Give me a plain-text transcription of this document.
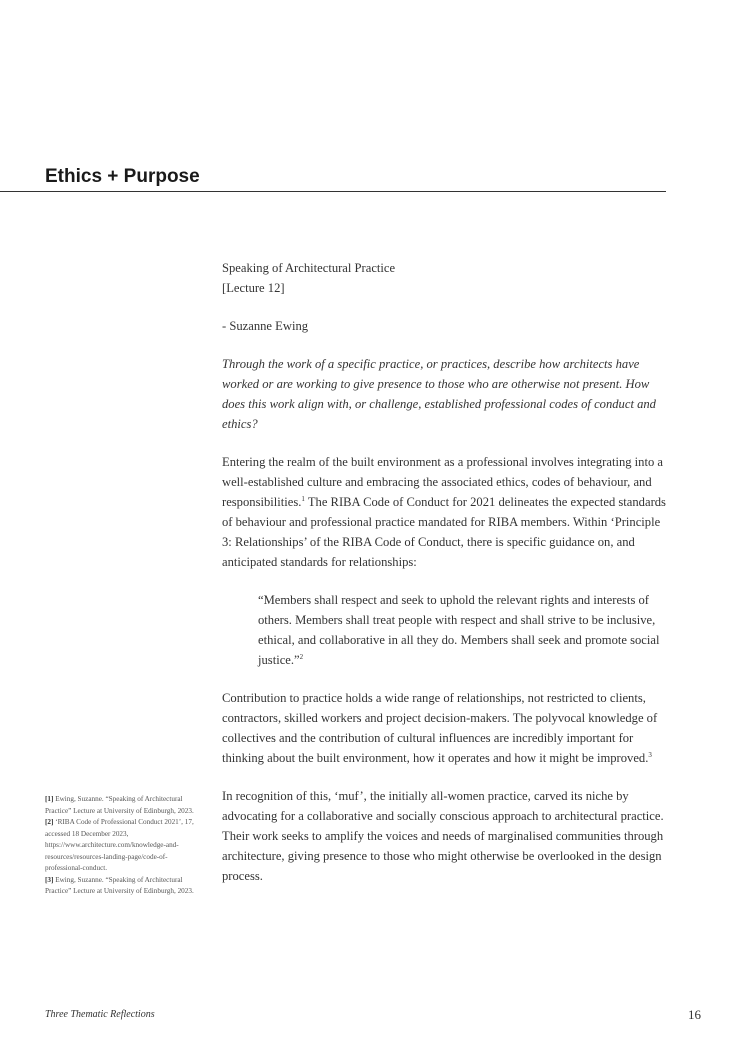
Ethics + Purpose

Speaking of Architectural Practice
[Lecture 12]

- Suzanne Ewing

Through the work of a specific practice, or practices, describe how architects have worked or are working to give presence to those who are otherwise not present. How does this work align with, or challenge, established professional codes of conduct and ethics?

Entering the realm of the built environment as a professional involves integrating into a well-established culture and embracing the associated ethics, codes of behaviour, and responsibilities.$^1$ The RIBA Code of Conduct for 2021 delineates the expected standards of behaviour and professional practice mandated for RIBA members. Within ‘Principle 3: Relationships’ of the RIBA Code of Conduct, there is specific guidance on, and anticipated standards for relationships:

“Members shall respect and seek to uphold the relevant rights and interests of others. Members shall treat people with respect and shall strive to be inclusive, ethical, and collaborative in all they do. Members shall seek and promote social justice.”$^2$

Contribution to practice holds a wide range of relationships, not restricted to clients, contractors, skilled workers and project decision-makers. The polyvocal knowledge of collectives and the contribution of cultural influences are incredibly important for thinking about the built environment, how it operates and how it might be improved.$^3$

In recognition of this, ‘muf’, the initially all-women practice, carved its niche by advocating for a collaborative and socially conscious approach to architectural practice. Their work seeks to amplify the voices and needs of marginalised communities through architecture, giving presence to those who might otherwise be overlooked in the design process.

[1] Ewing, Suzanne. “Speaking of Architectural Practice” Lecture at University of Edinburgh, 2023.

[2] ‘RIBA Code of Professional Conduct 2021’, 17, accessed 18 December 2023, https://www.architecture.com/knowledge-and-resources/resources-landing-page/code-of-professional-conduct.

[3] Ewing, Suzanne. “Speaking of Architectural Practice” Lecture at University of Edinburgh, 2023.

Three Thematic Reflections	16
